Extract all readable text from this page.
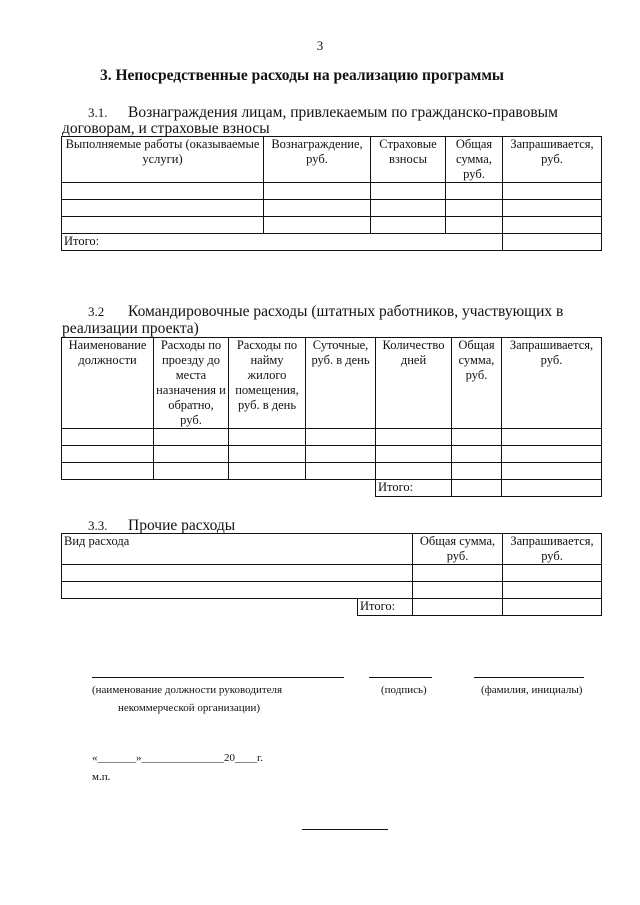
3
3. Непосредственные расходы на реализацию программы
3.1. Вознаграждения лицам, привлекаемым по гражданско-правовым
договорам, и страховые взносы
Выполняемые работы (оказываемые услуги)	Вознаграждение, руб.	Страховые взносы	Общая сумма, руб.	Запрашивается, руб.

Итого:				
3.2 Командировочные расходы (штатных работников, участвующих в
реализации проекта)
Наименование должности	Расходы по проезду до места назначения и обратно, руб.	Расходы по найму жилого помещения, руб. в день	Суточные, руб. в день	Количество дней	Общая сумма, руб.	Запрашивается, руб.

				Итого:		
3.3. Прочие расходы
Вид расхода		Общая сумма, руб.	Запрашивается, руб.

	Итого:		
(наименование должности руководителя
некоммерческой организации)
(подпись)	(фамилия, инициалы)
«_______»_______________20____г.
м.п.
